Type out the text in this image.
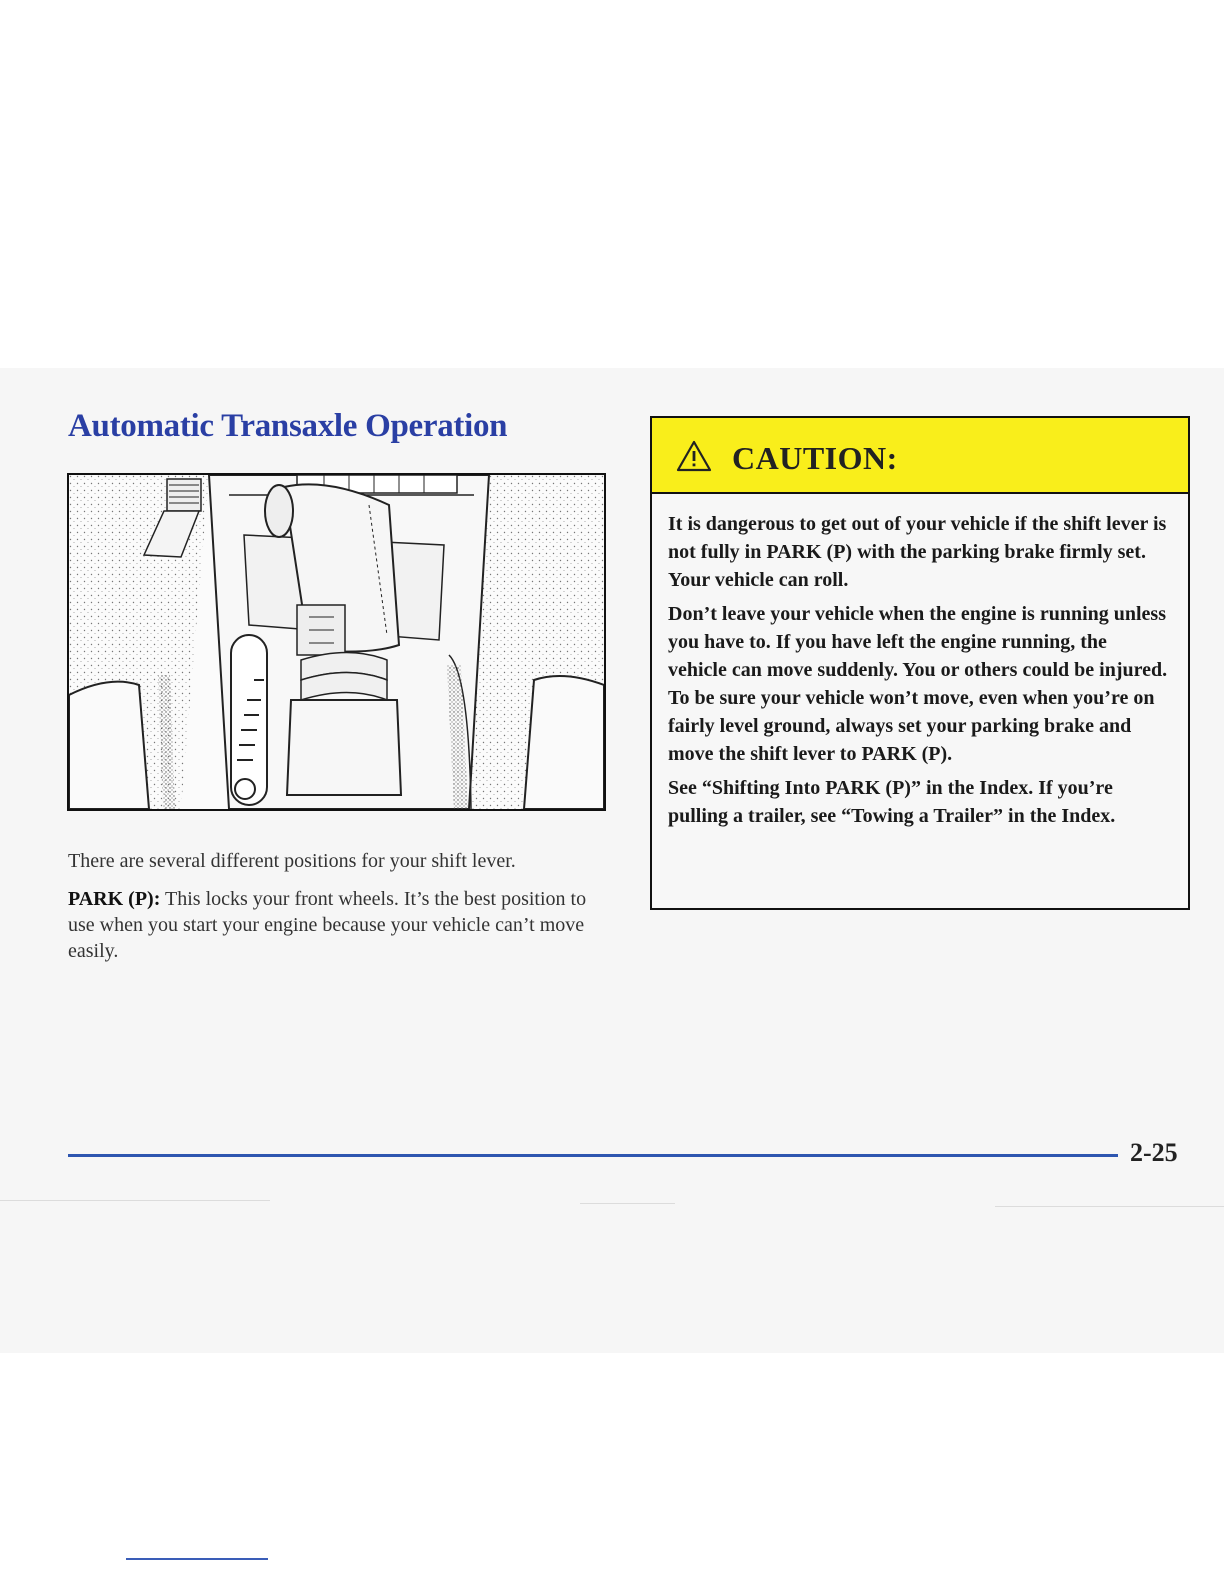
Automatic Transaxle Operation

There are several different positions for your shift lever.

PARK (P): This locks your front wheels. It’s the best position to use when you start your engine because your vehicle can’t move easily.

CAUTION:

It is dangerous to get out of your vehicle if the shift lever is not fully in PARK (P) with the parking brake firmly set. Your vehicle can roll.

Don’t leave your vehicle when the engine is running unless you have to. If you have left the engine running, the vehicle can move suddenly. You or others could be injured. To be sure your vehicle won’t move, even when you’re on fairly level ground, always set your parking brake and move the shift lever to PARK (P).

See “Shifting Into PARK (P)” in the Index. If you’re pulling a trailer, see “Towing a Trailer” in the Index.

2-25
